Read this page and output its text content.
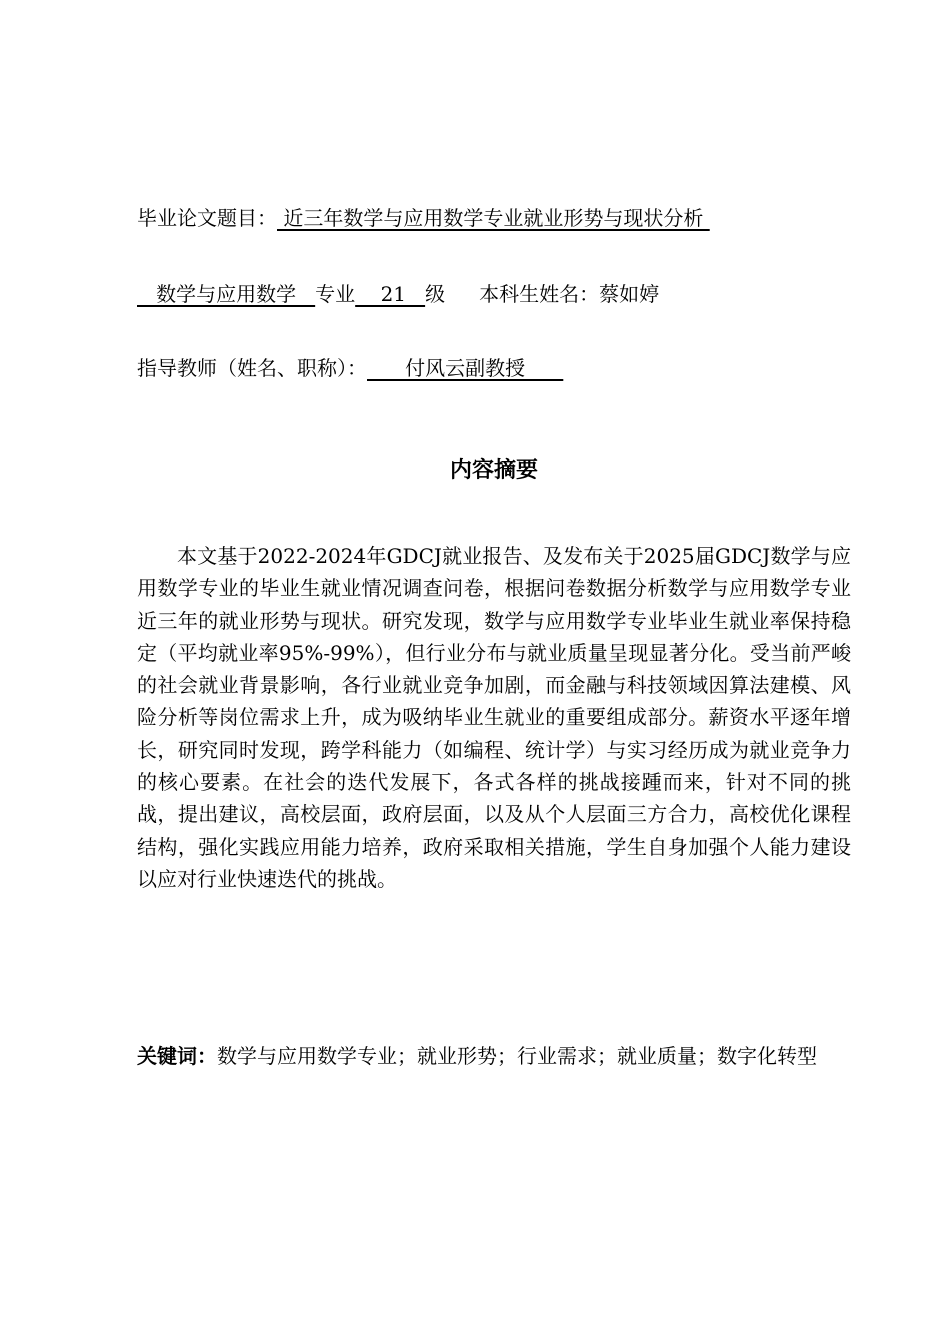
毕业论文题目： 近三年数学与应用数学专业就业形势与现状分析
数学与应用数学   专业    21   级 本科生姓名：蔡如婷
指导教师（姓名、职称）：      付风云副教授
内容摘要

本文基于2022-2024年GDCJ就业报告、及发布关于2025届GDCJ数学与应用数学专业的毕业生就业情况调查问卷，根据问卷数据分析数学与应用数学专业近三年的就业形势与现状。研究发现，数学与应用数学专业毕业生就业率保持稳定（平均就业率95%-99%），但行业分布与就业质量呈现显著分化。受当前严峻的社会就业背景影响，各行业就业竞争加剧，而金融与科技领域因算法建模、风险分析等岗位需求上升，成为吸纳毕业生就业的重要组成部分。薪资水平逐年增长，研究同时发现，跨学科能力（如编程、统计学）与实习经历成为就业竞争力的核心要素。在社会的迭代发展下，各式各样的挑战接踵而来，针对不同的挑战，提出建议，高校层面，政府层面，以及从个人层面三方合力，高校优化课程结构，强化实践应用能力培养，政府采取相关措施，学生自身加强个人能力建设以应对行业快速迭代的挑战。

关键词：数学与应用数学专业；就业形势；行业需求；就业质量；数字化转型
